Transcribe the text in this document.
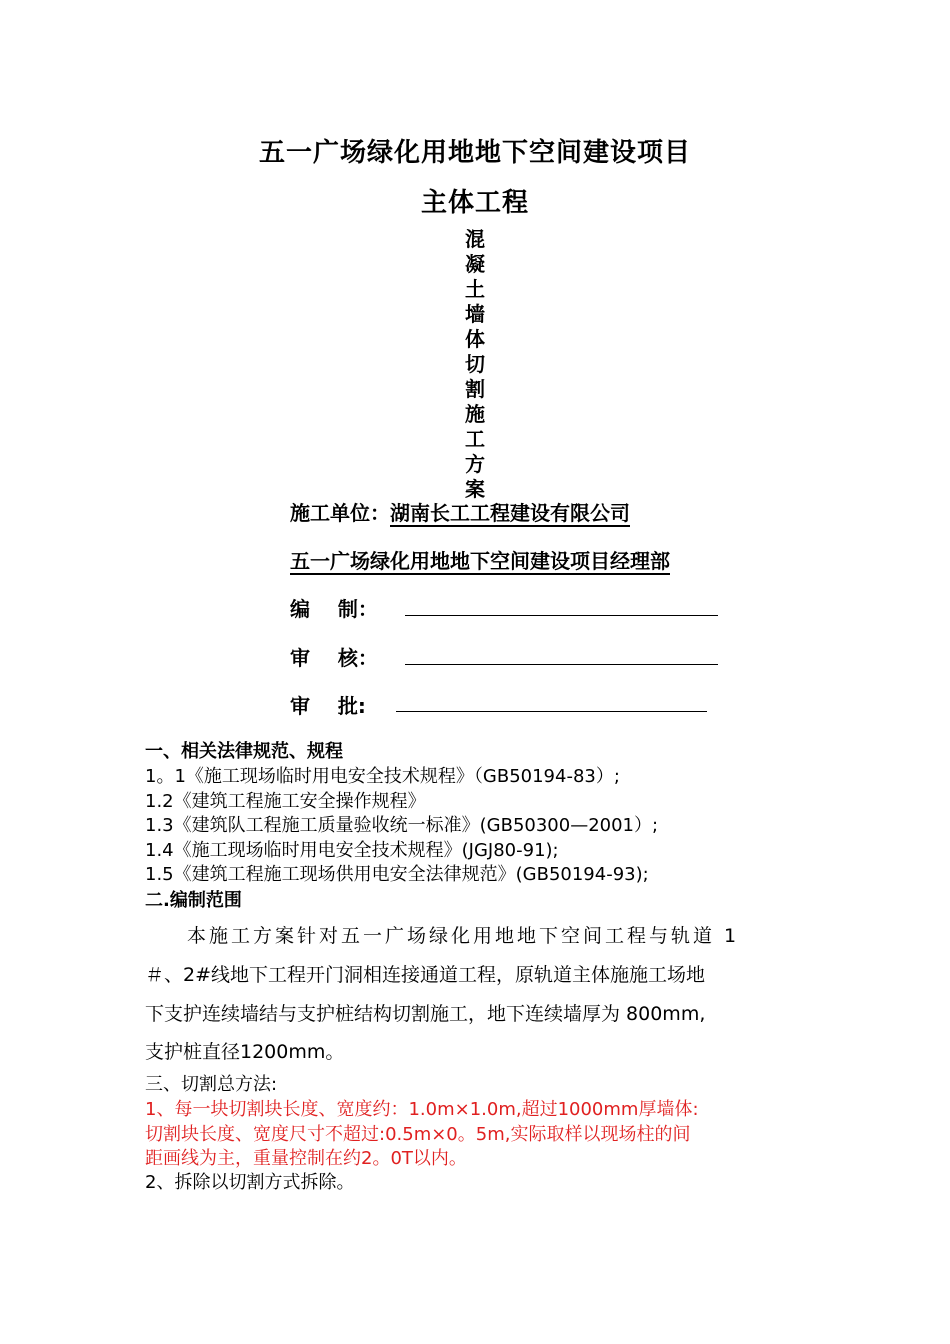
五一广场绿化用地地下空间建设项目
主体工程
混
凝
土
墙
体
切
割
施
工
方
案
施工单位：湖南长工工程建设有限公司
五一广场绿化用地地下空间建设项目经理部
编    制：
审    核：
审    批:
一、相关法律规范、规程
1。1《施工现场临时用电安全技术规程》（GB50194-83）;
1.2《建筑工程施工安全操作规程》
1.3《建筑队工程施工质量验收统一标准》(GB50300—2001）;
1.4《施工现场临时用电安全技术规程》(JGJ80-91);
1.5《建筑工程施工现场供用电安全法律规范》(GB50194-93);
二.编制范围
本施工方案针对五一广场绿化用地地下空间工程与轨道 1
＃、2#线地下工程开门洞相连接通道工程，原轨道主体施施工场地
下支护连续墙结与支护桩结构切割施工，地下连续墙厚为 800mm,
支护桩直径1200mm。
三、切割总方法:
1、每一块切割块长度、宽度约：1.0m×1.0m,超过1000mm厚墙体:
切割块长度、宽度尺寸不超过:0.5m×0。5m,实际取样以现场柱的间
距画线为主，重量控制在约2。0T以内。
2、拆除以切割方式拆除。
